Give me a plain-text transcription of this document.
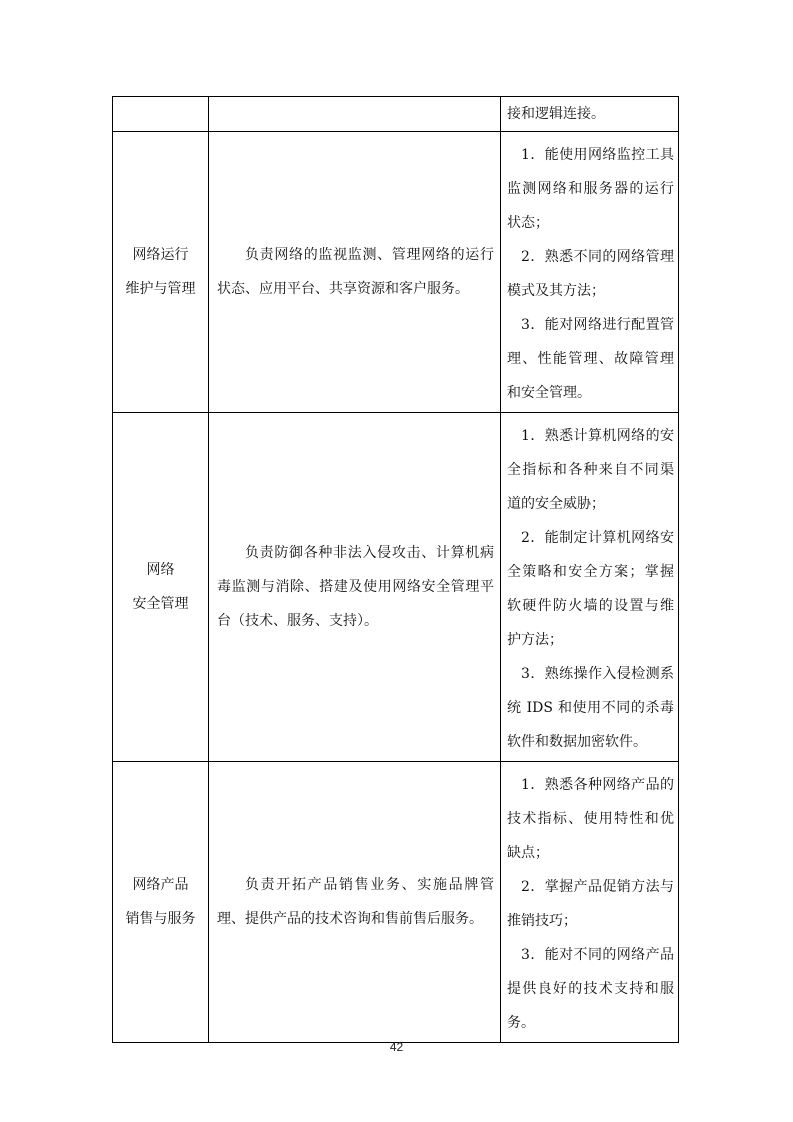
		接和逻辑连接。

网络运行
维护与管理	负责网络的监视监测、管理网络的运行状态、应用平台、共享资源和客户服务。	1．能使用网络监控工具监测网络和服务器的运行状态；
2．熟悉不同的网络管理模式及其方法；
3．能对网络进行配置管理、性能管理、故障管理和安全管理。

网络
安全管理	负责防御各种非法入侵攻击、计算机病毒监测与消除、搭建及使用网络安全管理平台（技术、服务、支持）。	1．熟悉计算机网络的安全指标和各种来自不同渠道的安全威胁；
2．能制定计算机网络安全策略和安全方案；掌握软硬件防火墙的设置与维护方法；
3．熟练操作入侵检测系统 IDS 和使用不同的杀毒软件和数据加密软件。

网络产品
销售与服务	负责开拓产品销售业务、实施品牌管理、提供产品的技术咨询和售前售后服务。	1．熟悉各种网络产品的技术指标、使用特性和优缺点；
2．掌握产品促销方法与推销技巧；
3．能对不同的网络产品提供良好的技术支持和服务。
42
